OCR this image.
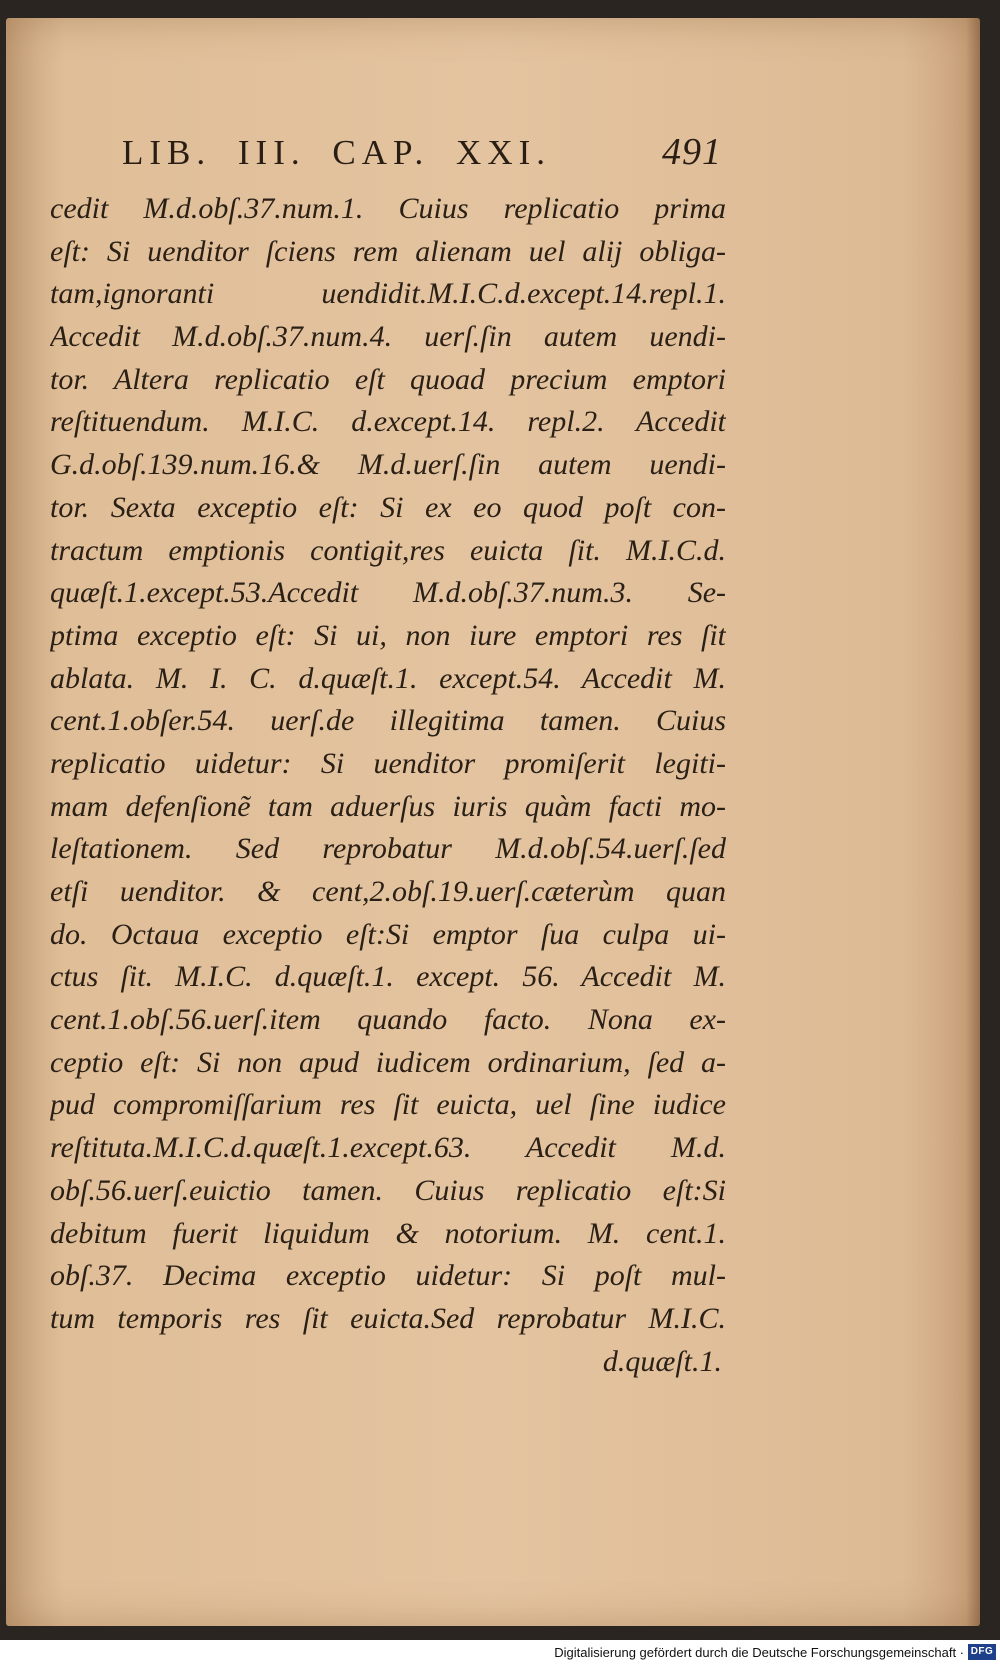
LIB. III. CAP. XXI.	491
cedit M.d.obſ.37.num.1. Cuius replicatio prima
eſt: Si uenditor ſciens rem alienam uel alij obliga-
tam,ignoranti uendidit.M.I.C.d.except.14.repl.1.
Accedit M.d.obſ.37.num.4. uerſ.ſin autem uendi-
tor. Altera replicatio eſt quoad precium emptori
reſtituendum. M.I.C. d.except.14. repl.2. Accedit
G.d.obſ.139.num.16.& M.d.uerſ.ſin autem uendi-
tor. Sexta exceptio eſt: Si ex eo quod poſt con-
tractum emptionis contigit,res euicta ſit. M.I.C.d.
quæſt.1.except.53.Accedit M.d.obſ.37.num.3. Se-
ptima exceptio eſt: Si ui, non iure emptori res ſit
ablata. M. I. C. d.quæſt.1. except.54. Accedit M.
cent.1.obſer.54. uerſ.de illegitima tamen. Cuius
replicatio uidetur: Si uenditor promiſerit legiti-
mam defenſionẽ tam aduerſus iuris quàm facti mo-
leſtationem. Sed reprobatur M.d.obſ.54.uerſ.ſed
etſi uenditor. & cent,2.obſ.19.uerſ.cæterùm quan
do. Octaua exceptio eſt:Si emptor ſua culpa ui-
ctus ſit. M.I.C. d.quæſt.1. except. 56. Accedit M.
cent.1.obſ.56.uerſ.item quando facto. Nona ex-
ceptio eſt: Si non apud iudicem ordinarium, ſed a-
pud compromiſſarium res ſit euicta, uel ſine iudice
reſtituta.M.I.C.d.quæſt.1.except.63. Accedit M.d.
obſ.56.uerſ.euictio tamen. Cuius replicatio eſt:Si
debitum fuerit liquidum & notorium. M. cent.1.
obſ.37. Decima exceptio uidetur: Si poſt mul-
tum temporis res ſit euicta.Sed reprobatur M.I.C.
d.quæſt.1.
Digitalisierung gefördert durch die Deutsche Forschungsgemeinschaft · DFG
